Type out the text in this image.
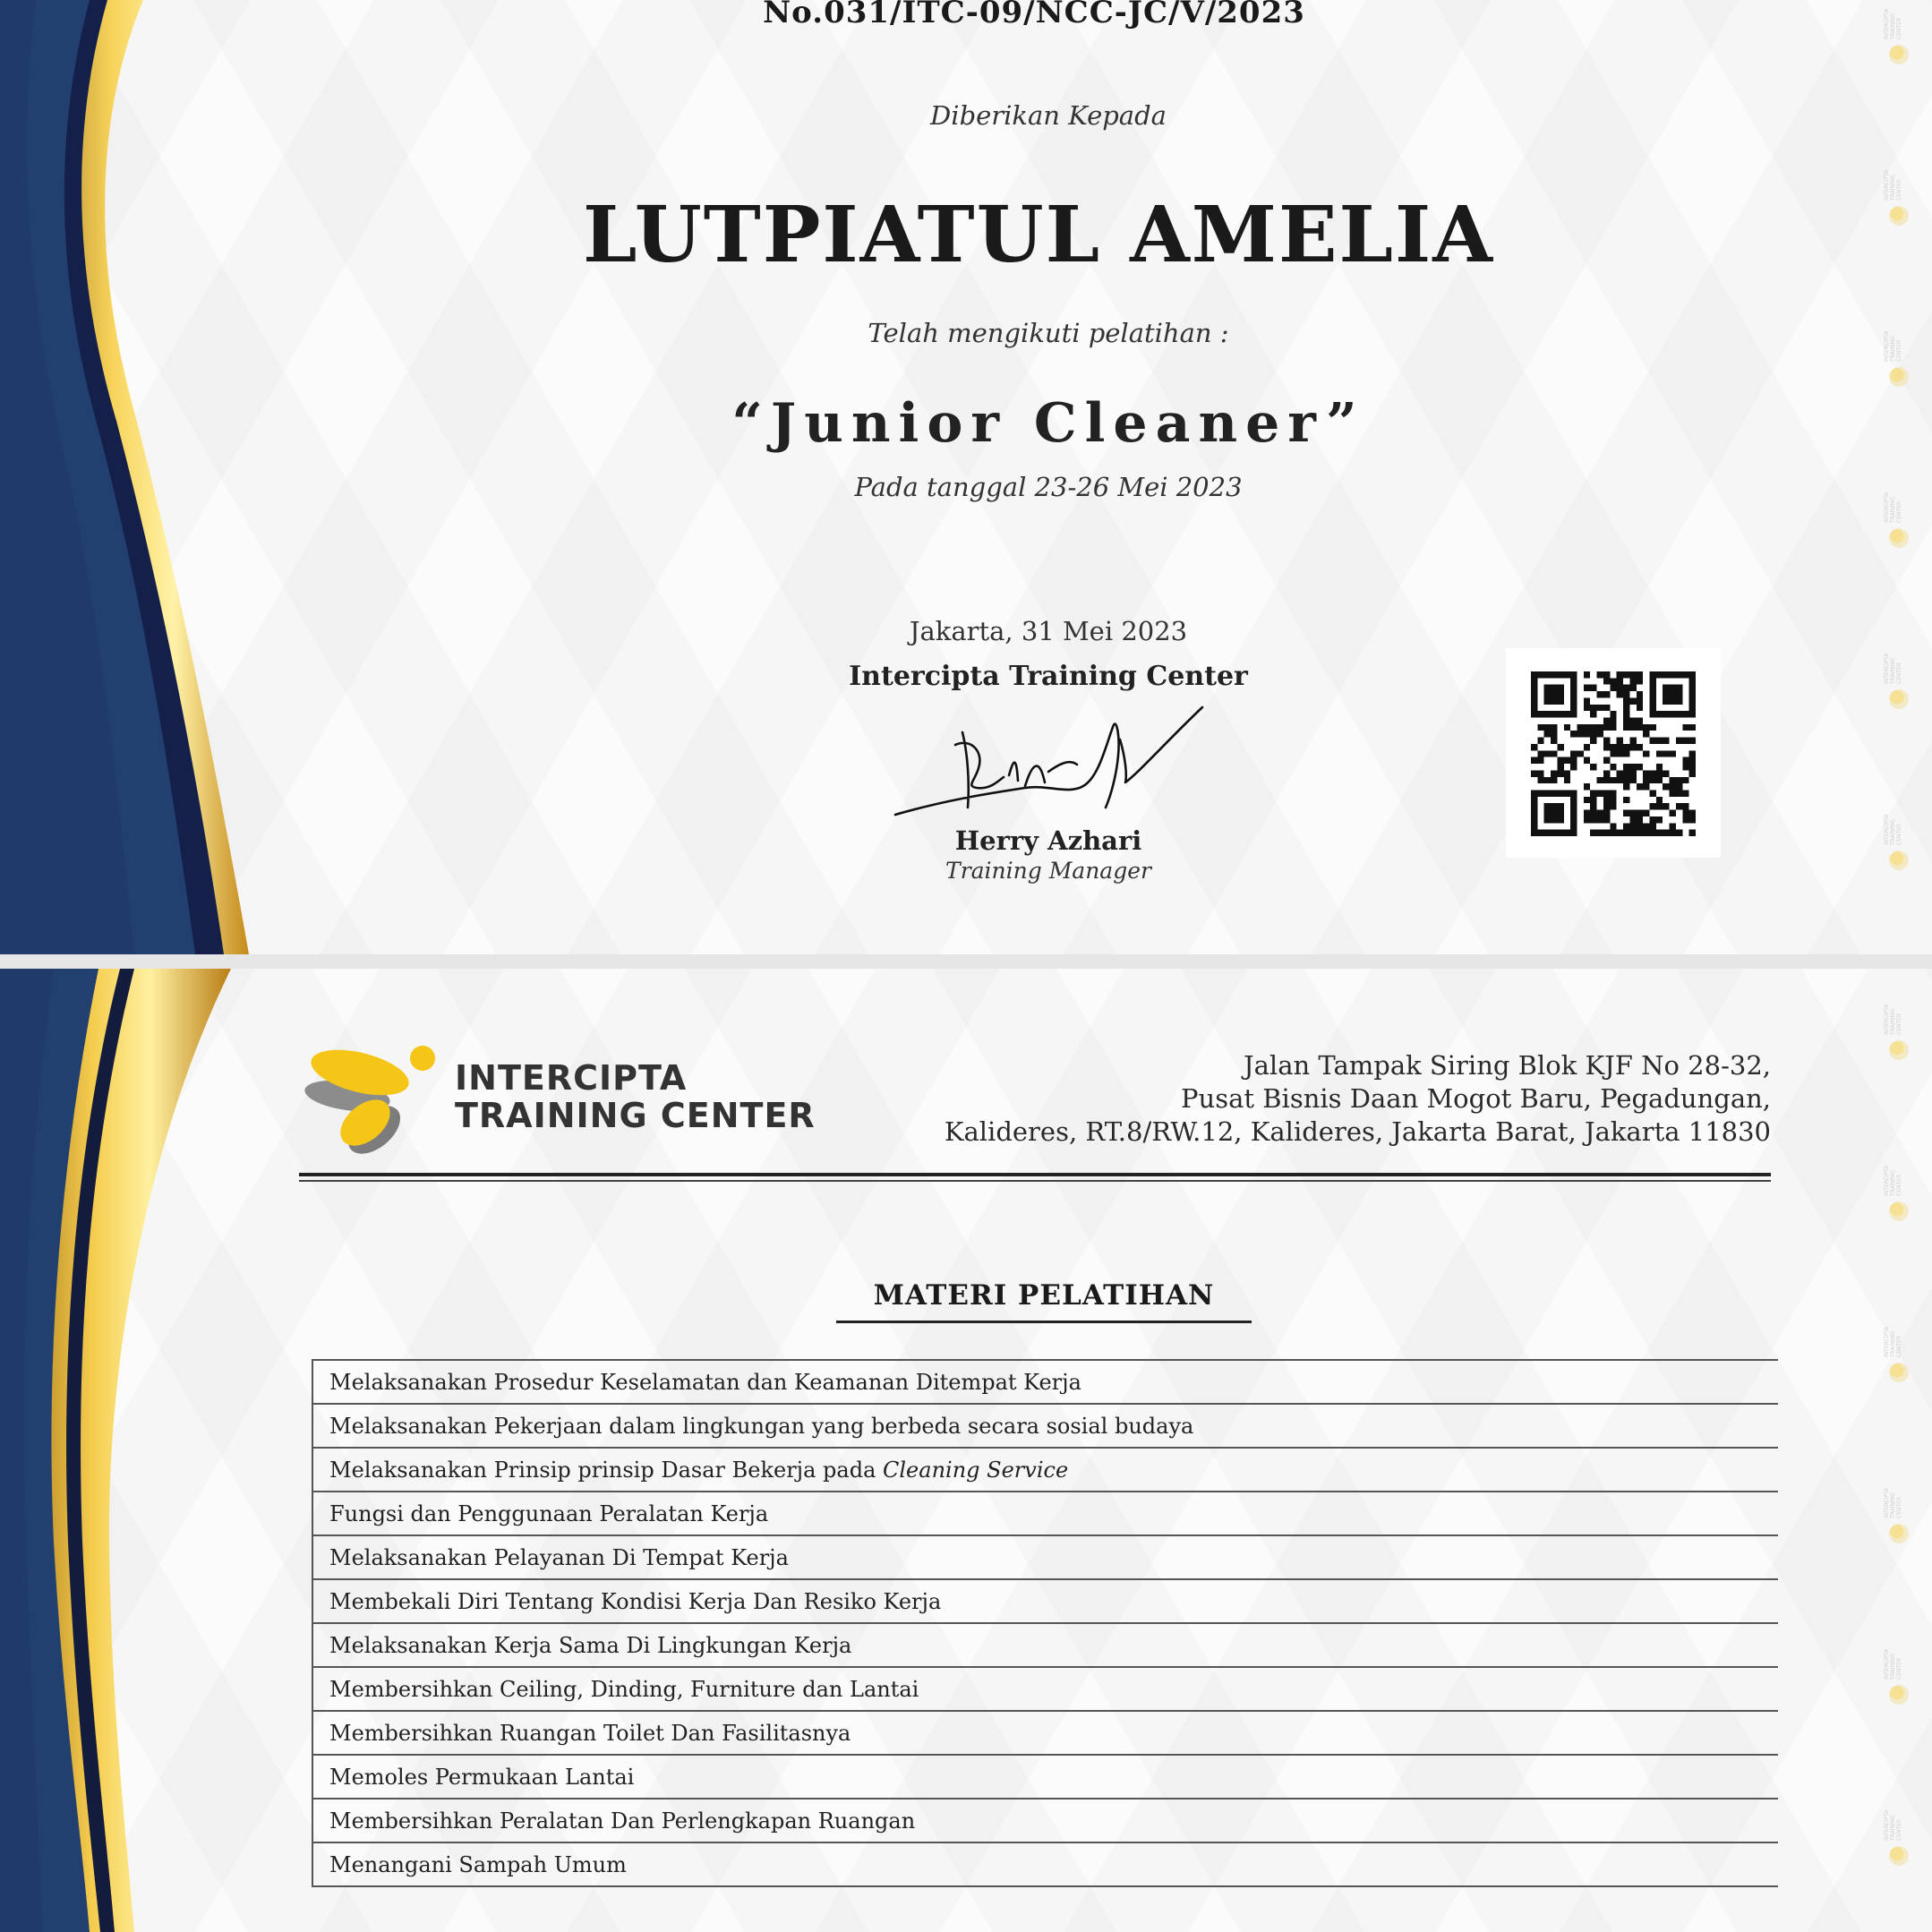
INTERCIPTA TRAINING CENTER
INTERCIPTA TRAINING CENTER
INTERCIPTA TRAINING CENTER
INTERCIPTA TRAINING CENTER
INTERCIPTA TRAINING CENTER
INTERCIPTA TRAINING CENTER
No.031/ITC-09/NCC-JC/V/2023
Diberikan Kepada
LUTPIATUL AMELIA
Telah mengikuti pelatihan :
“Junior Cleaner”
Pada tanggal 23-26 Mei 2023
Jakarta, 31 Mei 2023
Intercipta Training Center
Herry Azhari
Training Manager
INTERCIPTA TRAINING CENTER
INTERCIPTA TRAINING CENTER
INTERCIPTA TRAINING CENTER
INTERCIPTA TRAINING CENTER
INTERCIPTA TRAINING CENTER
INTERCIPTA TRAINING CENTER
INTERCIPTA
TRAINING CENTER
Jalan Tampak Siring Blok KJF No 28-32,
Pusat Bisnis Daan Mogot Baru, Pegadungan,
Kalideres, RT.8/RW.12, Kalideres, Jakarta Barat, Jakarta 11830
MATERI PELATIHAN
Melaksanakan Prosedur Keselamatan dan Keamanan Ditempat Kerja
Melaksanakan Pekerjaan dalam lingkungan yang berbeda secara sosial budaya
Melaksanakan Prinsip prinsip Dasar Bekerja pada Cleaning Service
Fungsi dan Penggunaan Peralatan Kerja
Melaksanakan Pelayanan Di Tempat Kerja
Membekali Diri Tentang Kondisi Kerja Dan Resiko Kerja
Melaksanakan Kerja Sama Di Lingkungan Kerja
Membersihkan Ceiling, Dinding, Furniture dan Lantai
Membersihkan Ruangan Toilet Dan Fasilitasnya
Memoles Permukaan Lantai
Membersihkan Peralatan Dan Perlengkapan Ruangan
Menangani Sampah Umum
